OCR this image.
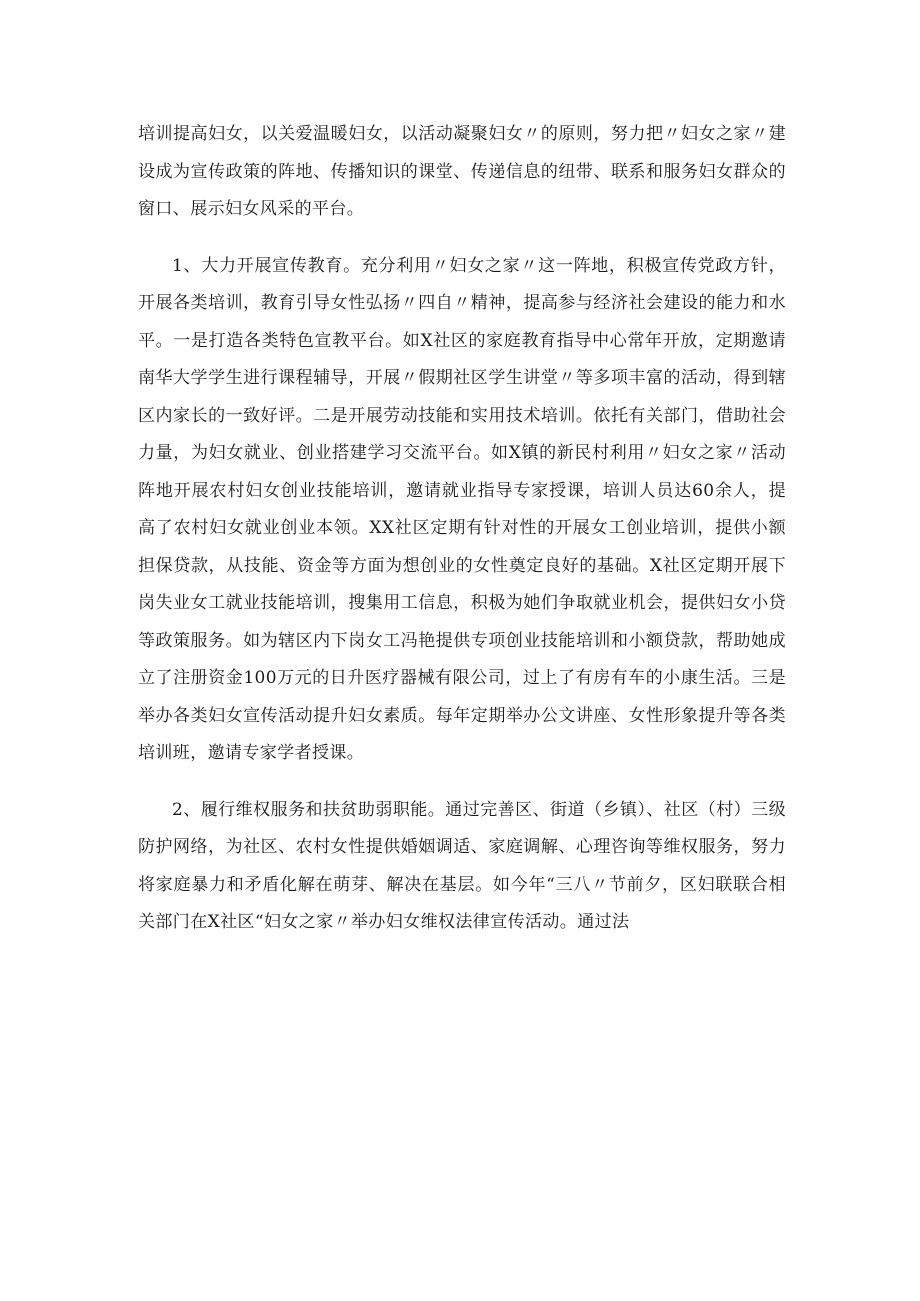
培训提高妇女，以关爱温暖妇女，以活动凝聚妇女〃的原则，努力把〃妇女之家〃建设成为宣传政策的阵地、传播知识的课堂、传递信息的纽带、联系和服务妇女群众的窗口、展示妇女风采的平台。

1、大力开展宣传教育。充分利用〃妇女之家〃这一阵地，积极宣传党政方针，开展各类培训，教育引导女性弘扬〃四自〃精神，提高参与经济社会建设的能力和水平。一是打造各类特色宣教平台。如X社区的家庭教育指导中心常年开放，定期邀请南华大学学生进行课程辅导，开展〃假期社区学生讲堂〃等多项丰富的活动，得到辖区内家长的一致好评。二是开展劳动技能和实用技术培训。依托有关部门，借助社会力量，为妇女就业、创业搭建学习交流平台。如X镇的新民村利用〃妇女之家〃活动阵地开展农村妇女创业技能培训，邀请就业指导专家授课，培训人员达60余人，提高了农村妇女就业创业本领。XX社区定期有针对性的开展女工创业培训，提供小额担保贷款，从技能、资金等方面为想创业的女性奠定良好的基础。X社区定期开展下岗失业女工就业技能培训，搜集用工信息，积极为她们争取就业机会，提供妇女小贷等政策服务。如为辖区内下岗女工冯艳提供专项创业技能培训和小额贷款，帮助她成立了注册资金100万元的日升医疗器械有限公司，过上了有房有车的小康生活。三是举办各类妇女宣传活动提升妇女素质。每年定期举办公文讲座、女性形象提升等各类培训班，邀请专家学者授课。

2、履行维权服务和扶贫助弱职能。通过完善区、街道（乡镇）、社区（村）三级防护网络，为社区、农村女性提供婚姻调适、家庭调解、心理咨询等维权服务，努力将家庭暴力和矛盾化解在萌芽、解决在基层。如今年“三八〃节前夕，区妇联联合相关部门在X社区“妇女之家〃举办妇女维权法律宣传活动。通过法
